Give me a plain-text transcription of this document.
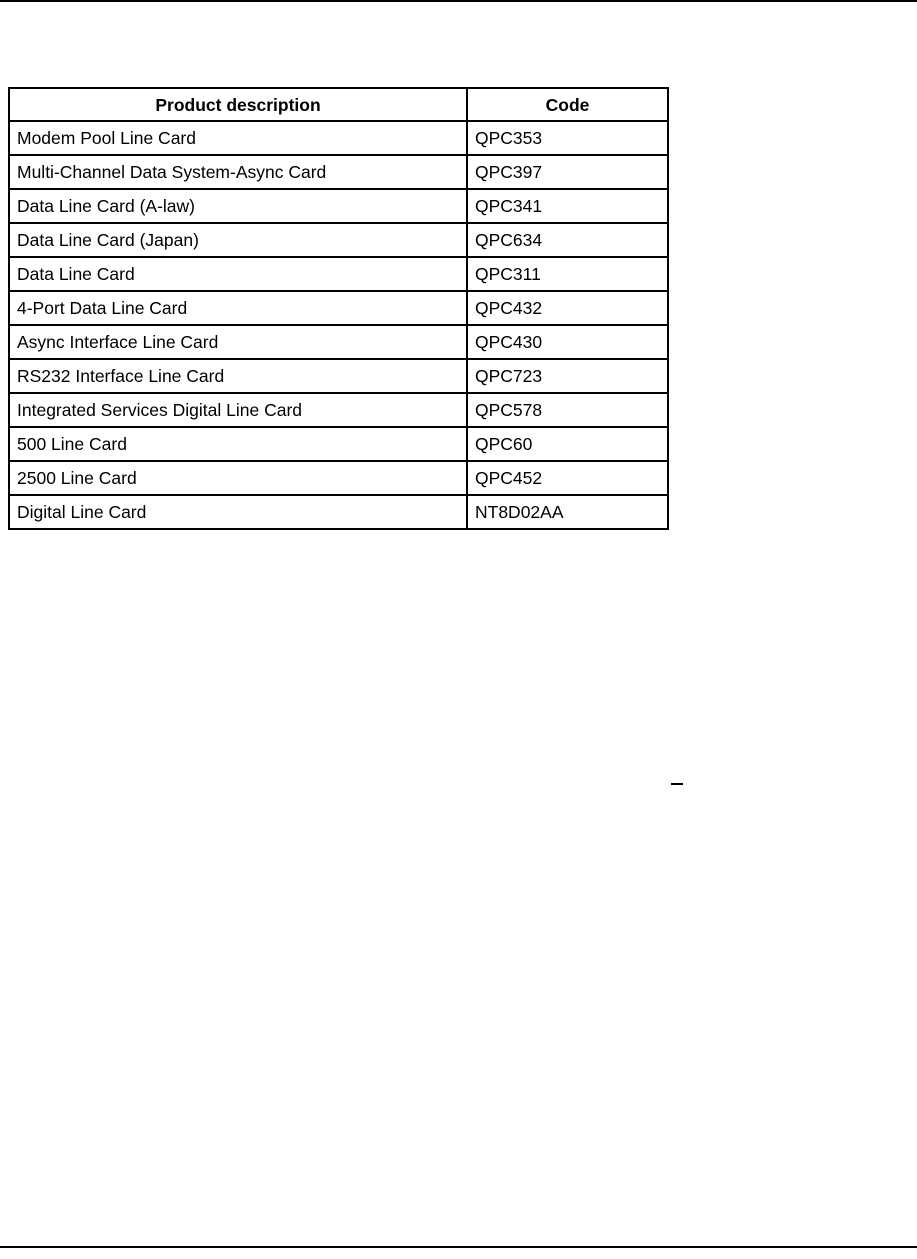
Product description	Code
Modem Pool Line Card	QPC353
Multi-Channel Data System-Async Card	QPC397
Data Line Card (A-law)	QPC341
Data Line Card (Japan)	QPC634
Data Line Card	QPC311
4-Port Data Line Card	QPC432
Async Interface Line Card	QPC430
RS232 Interface Line Card	QPC723
Integrated Services Digital Line Card	QPC578
500 Line Card	QPC60
2500 Line Card	QPC452
Digital Line Card	NT8D02AA
